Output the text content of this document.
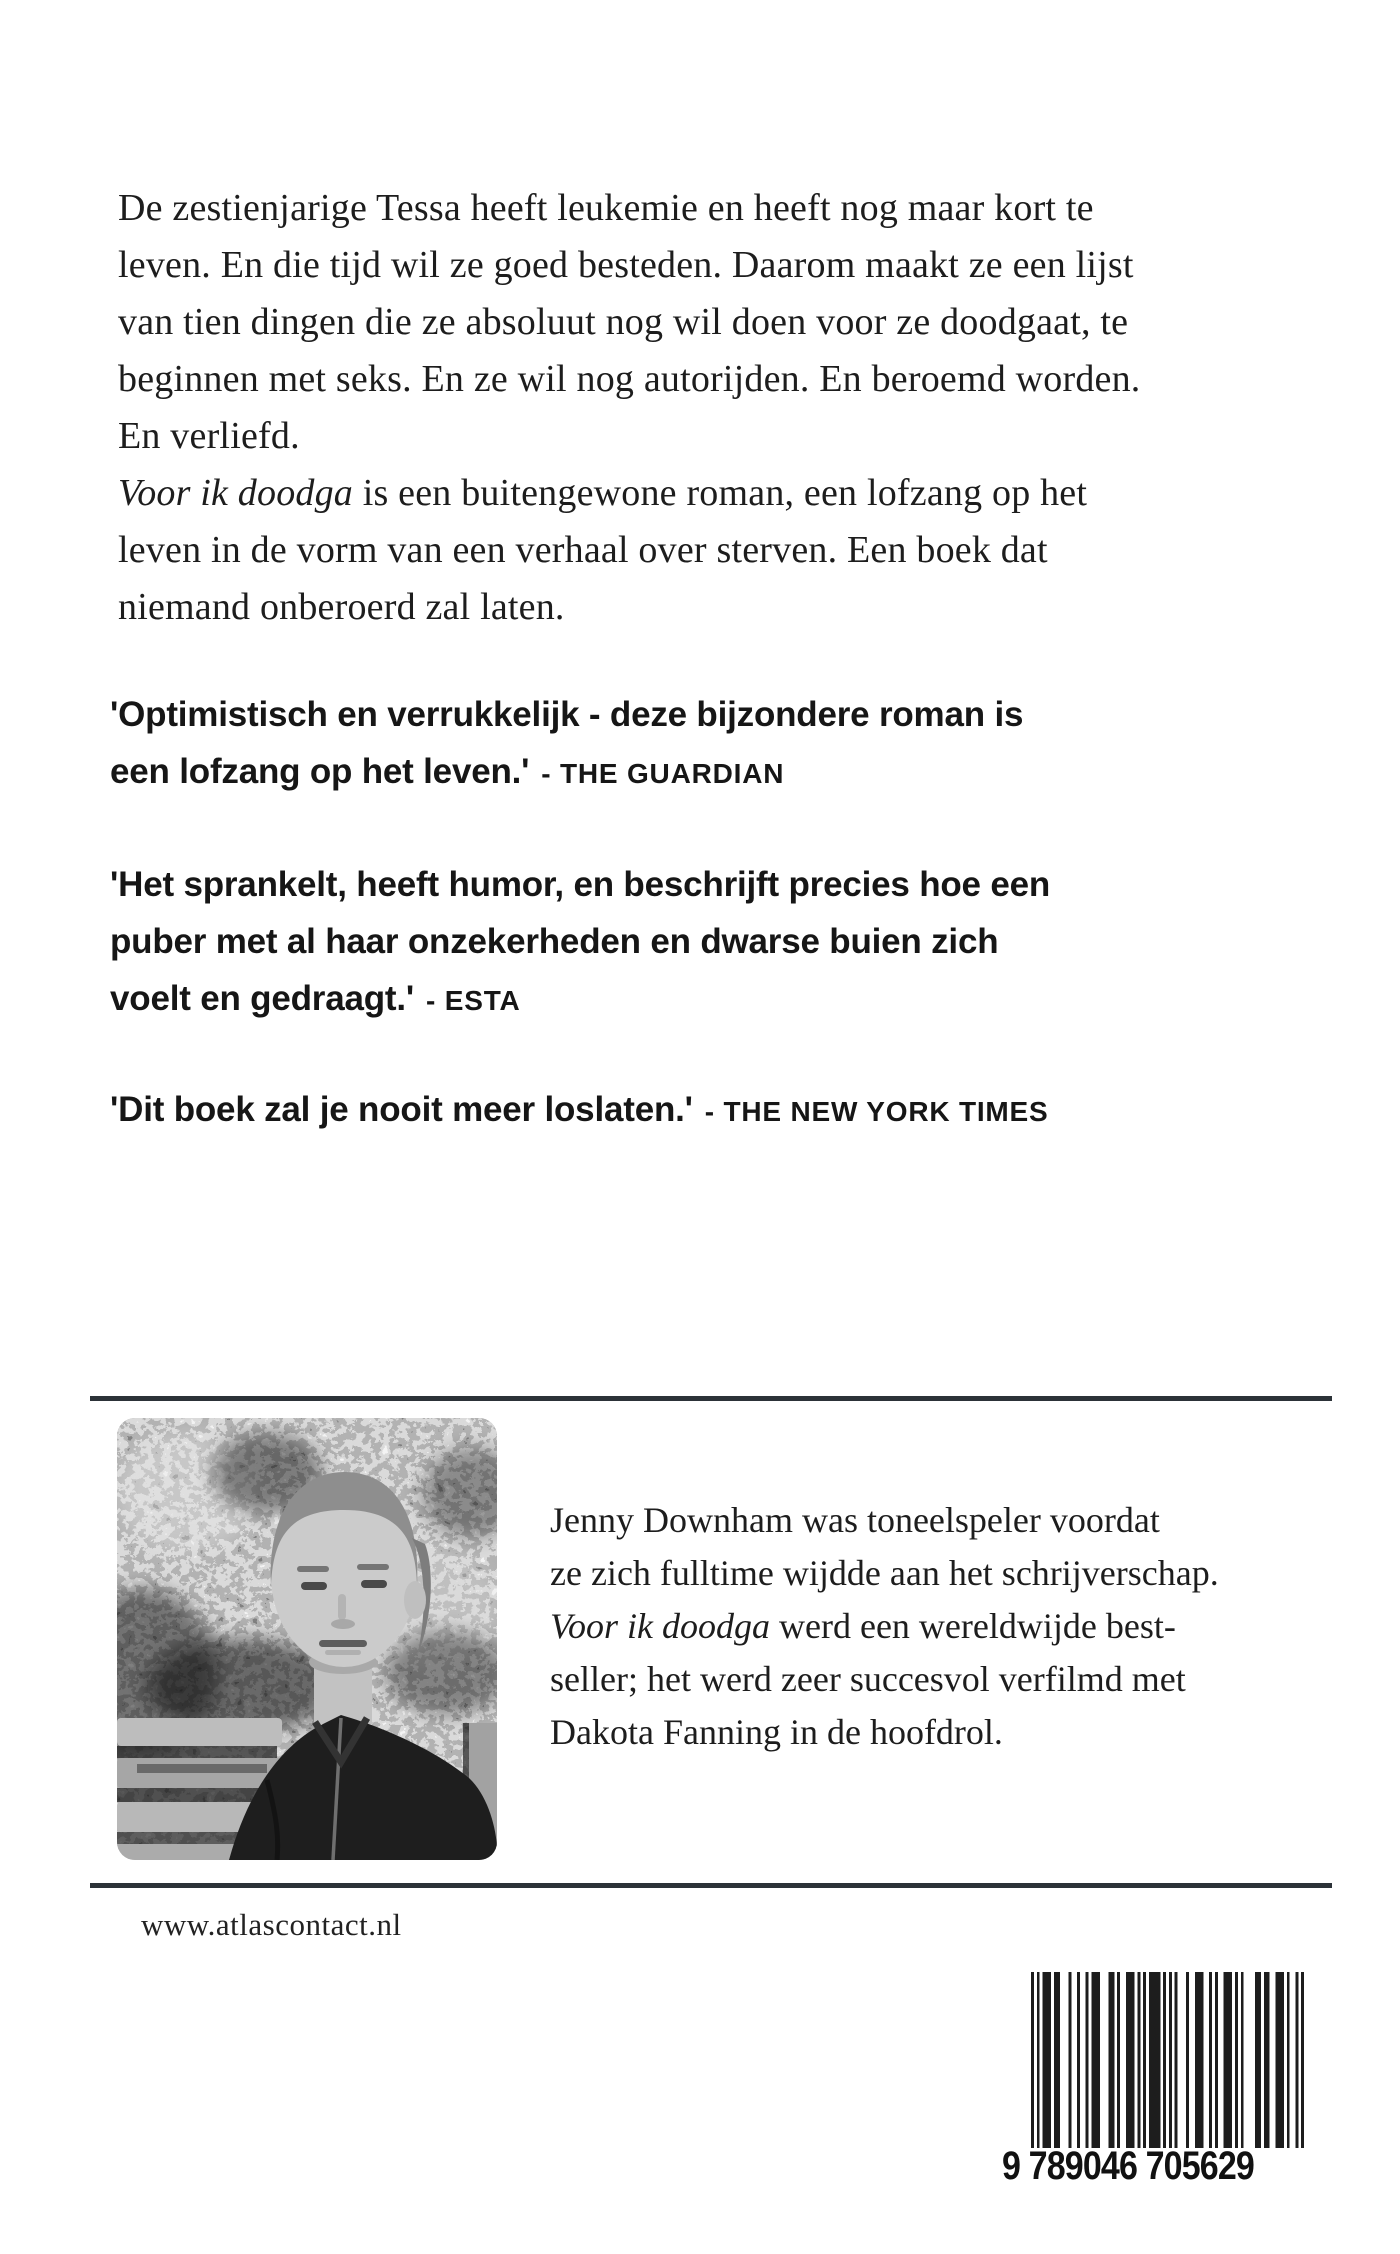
De zestienjarige Tessa heeft leukemie en heeft nog maar kort te
leven. En die tijd wil ze goed besteden. Daarom maakt ze een lijst
van tien dingen die ze absoluut nog wil doen voor ze doodgaat, te
beginnen met seks. En ze wil nog autorijden. En beroemd worden.
En verliefd.
Voor ik doodga is een buitengewone roman, een lofzang op het
leven in de vorm van een verhaal over sterven. Een boek dat
niemand onberoerd zal laten.
'Optimistisch en verrukkelijk - deze bijzondere roman is
een lofzang op het leven.' - THE GUARDIAN
'Het sprankelt, heeft humor, en beschrijft precies hoe een
puber met al haar onzekerheden en dwarse buien zich
voelt en gedraagt.' - ESTA
'Dit boek zal je nooit meer loslaten.' - THE NEW YORK TIMES
Jenny Downham was toneelspeler voordat
ze zich fulltime wijdde aan het schrijverschap.
Voor ik doodga werd een wereldwijde best-
seller; het werd zeer succesvol verfilmd met
Dakota Fanning in de hoofdrol.
www.atlascontact.nl
9 789046 705629
